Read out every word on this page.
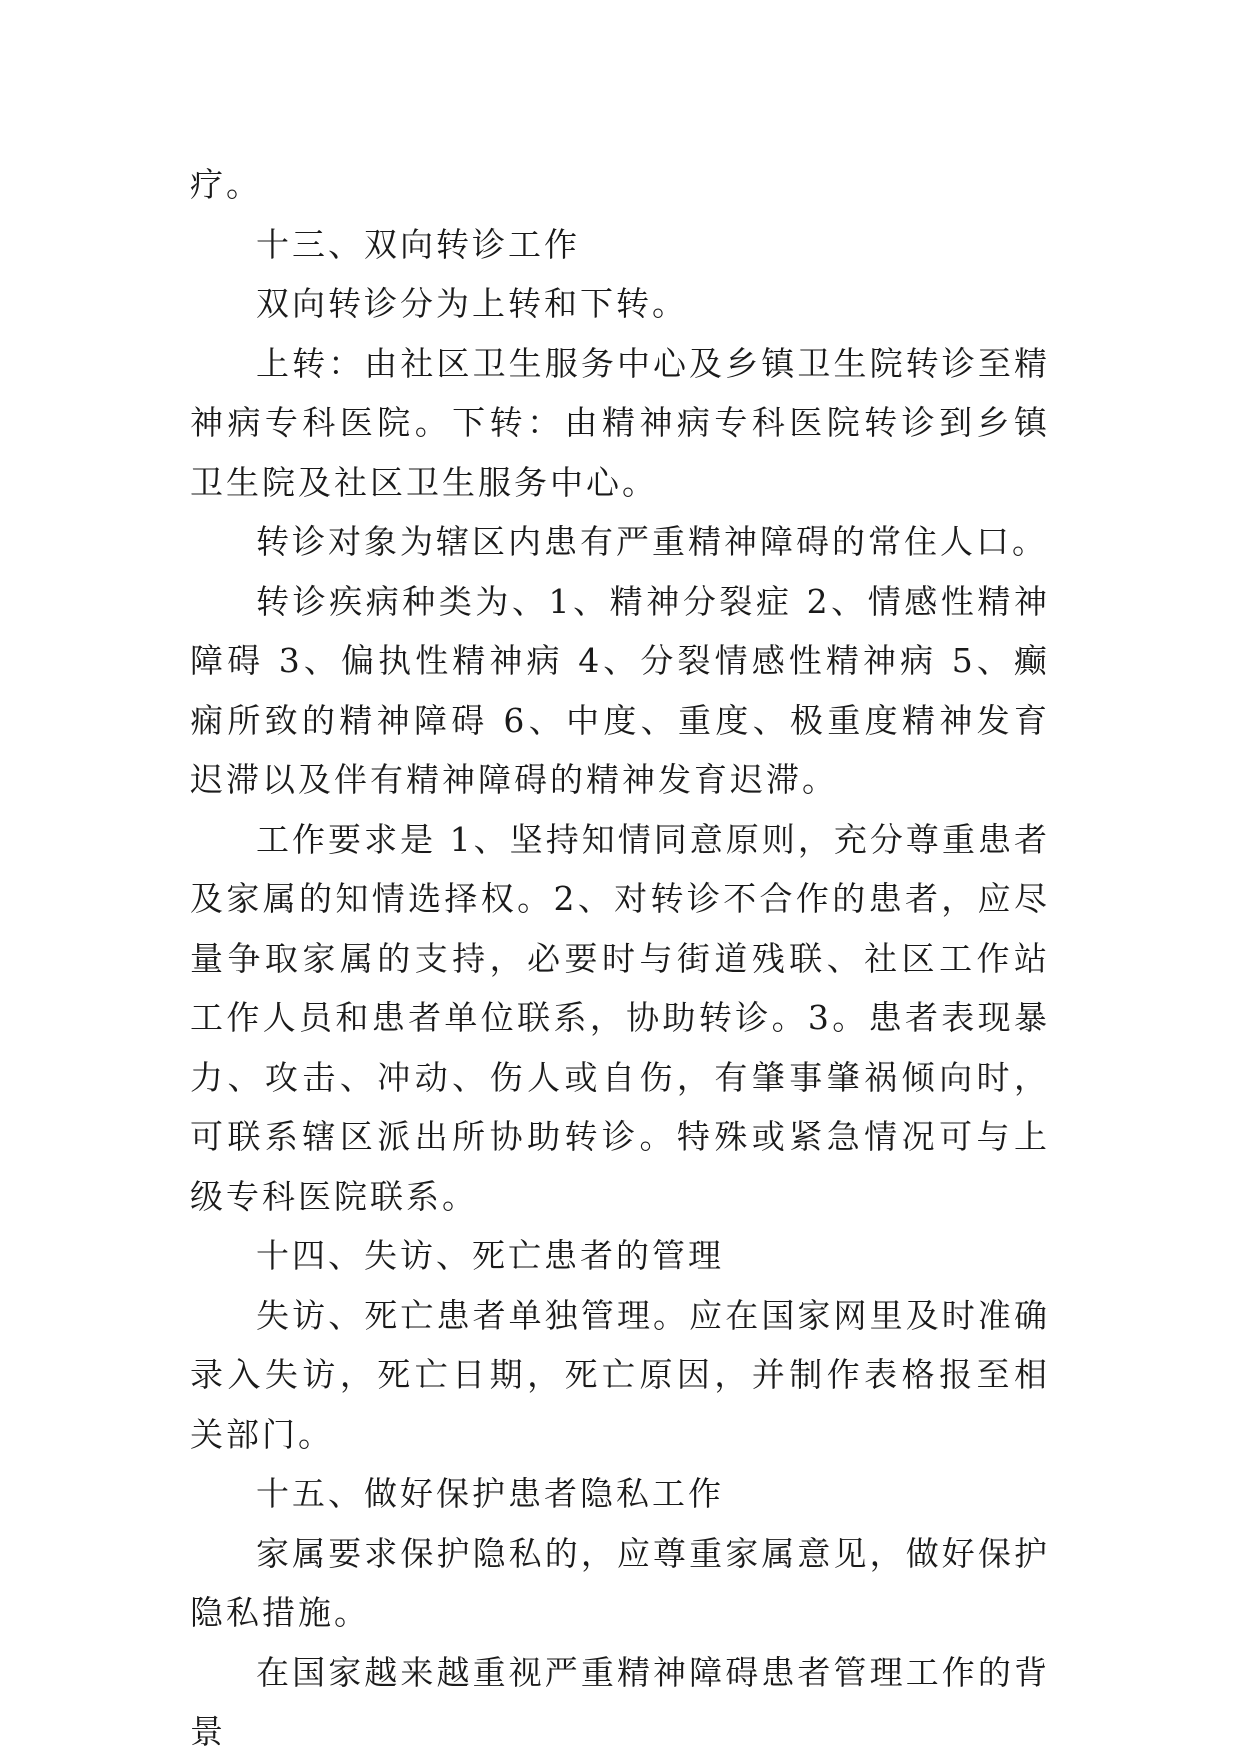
疗。

十三、双向转诊工作

双向转诊分为上转和下转。

上转：由社区卫生服务中心及乡镇卫生院转诊至精神病专科医院。下转：由精神病专科医院转诊到乡镇卫生院及社区卫生服务中心。

转诊对象为辖区内患有严重精神障碍的常住人口。

转诊疾病种类为、1、精神分裂症 2、情感性精神障碍 3、偏执性精神病 4、分裂情感性精神病 5、癫痫所致的精神障碍 6、中度、重度、极重度精神发育迟滞以及伴有精神障碍的精神发育迟滞。

工作要求是 1、坚持知情同意原则，充分尊重患者及家属的知情选择权。2、对转诊不合作的患者，应尽量争取家属的支持，必要时与街道残联、社区工作站工作人员和患者单位联系，协助转诊。3。患者表现暴力、攻击、冲动、伤人或自伤，有肇事肇祸倾向时，可联系辖区派出所协助转诊。特殊或紧急情况可与上级专科医院联系。

十四、失访、死亡患者的管理

失访、死亡患者单独管理。应在国家网里及时准确录入失访，死亡日期，死亡原因，并制作表格报至相关部门。

十五、做好保护患者隐私工作

家属要求保护隐私的，应尊重家属意见，做好保护隐私措施。

在国家越来越重视严重精神障碍患者管理工作的背景
